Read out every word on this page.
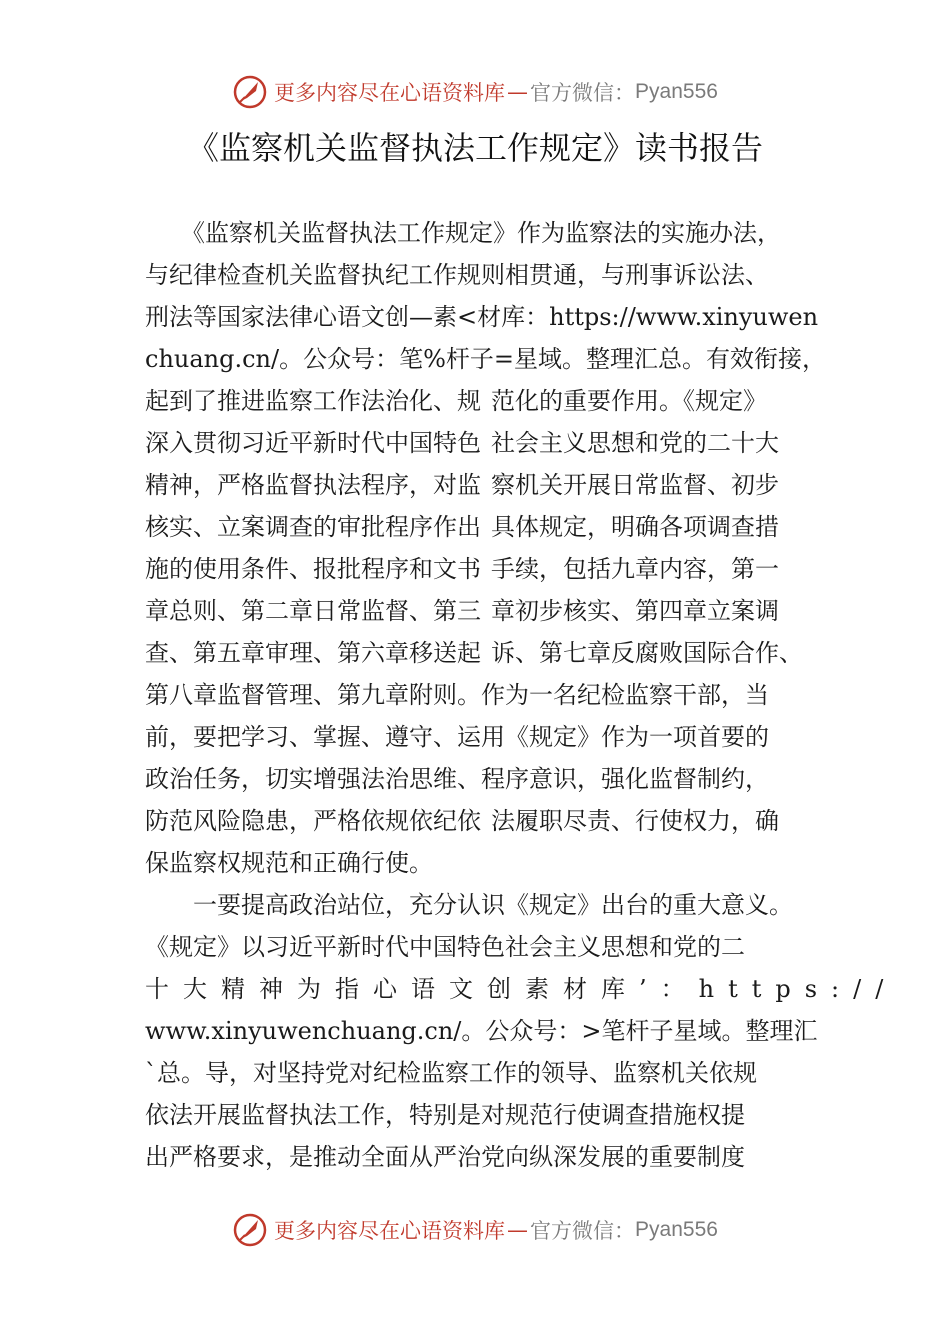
更多内容尽在心语资料库 — 官方微信： Pyan556
《监察机关监督执法工作规定》读书报告
　　《监察机关监督执法工作规定》作为监察法的实施办法，
与纪律检查机关监督执纪工作规则相贯通，与刑事诉讼法、
刑法等国家法律心语文创—素<材库：https://www.xinyuwen
chuang.cn/。公众号：笔%杆子=星域。整理汇总。有效衔接，
起到了推进监察工作法治化、规 范化的重要作用。《规定》
深入贯彻习近平新时代中国特色 社会主义思想和党的二十大
精神，严格监督执法程序，对监 察机关开展日常监督、初步
核实、立案调查的审批程序作出 具体规定，明确各项调查措
施的使用条件、报批程序和文书 手续，包括九章内容，第一
章总则、第二章日常监督、第三 章初步核实、第四章立案调
查、第五章审理、第六章移送起 诉、第七章反腐败国际合作、
第八章监督管理、第九章附则。作为一名纪检监察干部，当
前，要把学习、掌握、遵守、运用《规定》作为一项首要的
政治任务，切实增强法治思维、程序意识，强化监督制约，
防范风险隐患，严格依规依纪依 法履职尽责、行使权力，确
保监察权规范和正确行使。
　　一要提高政治站位，充分认识《规定》出台的重大意义。
《规定》以习近平新时代中国特色社会主义思想和党的二
十大精神为指心语文创素材库’：https://
www.xinyuwenchuang.cn/。公众号：>笔杆子星域。整理汇
`总。导，对坚持党对纪检监察工作的领导、监察机关依规
依法开展监督执法工作，特别是对规范行使调查措施权提
出严格要求，是推动全面从严治党向纵深发展的重要制度
更多内容尽在心语资料库 — 官方微信： Pyan556
